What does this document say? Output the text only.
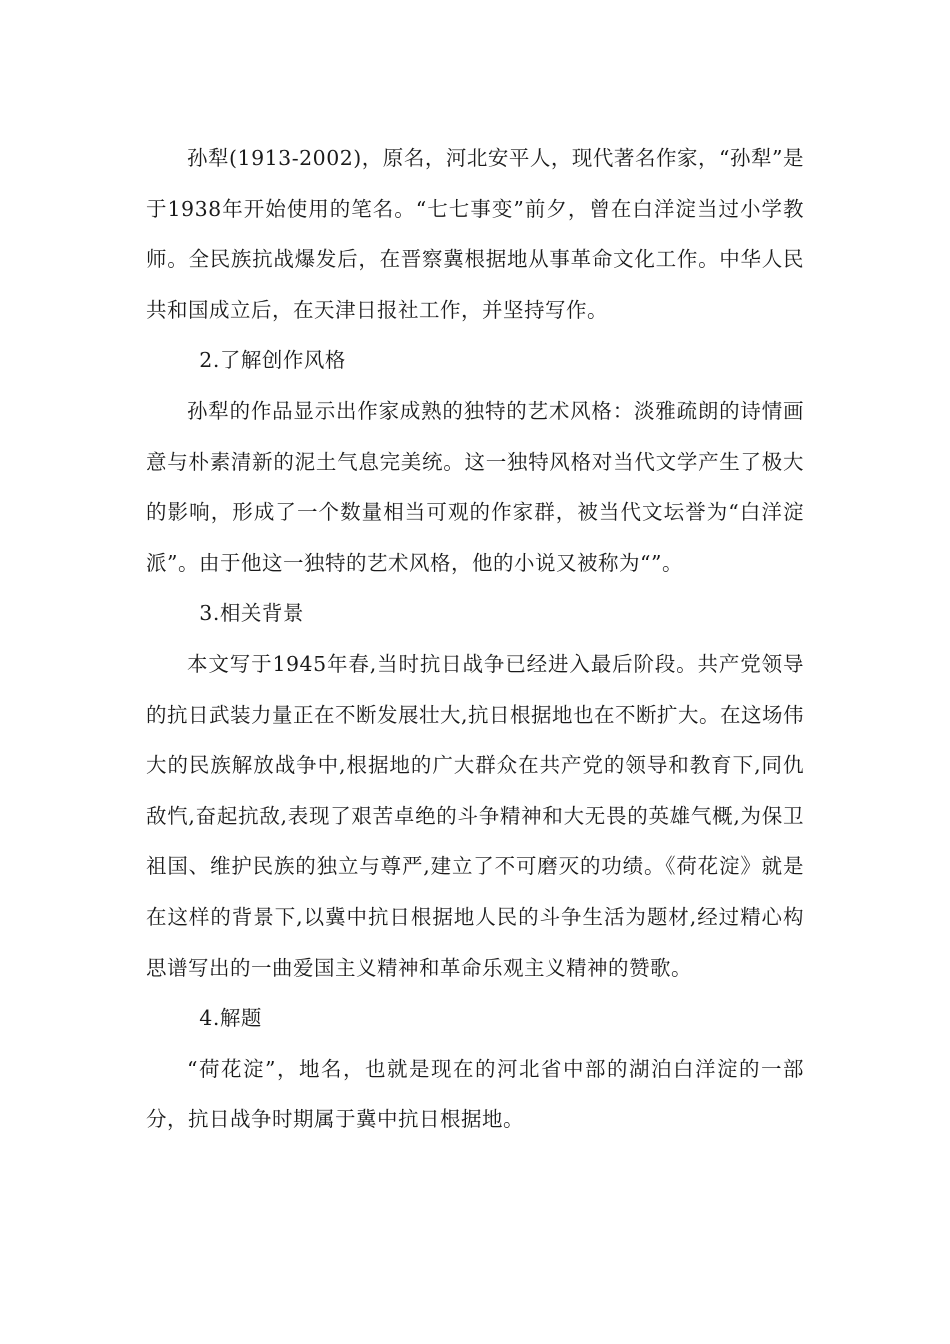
孙犁(1913-2002)，原名，河北安平人，现代著名作家，“孙犁”是于1938年开始使用的笔名。“七七事变”前夕，曾在白洋淀当过小学教师。全民族抗战爆发后，在晋察冀根据地从事革命文化工作。中华人民共和国成立后，在天津日报社工作，并坚持写作。

2.了解创作风格

孙犁的作品显示出作家成熟的独特的艺术风格：淡雅疏朗的诗情画意与朴素清新的泥土气息完美统。这一独特风格对当代文学产生了极大的影响，形成了一个数量相当可观的作家群，被当代文坛誉为“白洋淀派”。由于他这一独特的艺术风格，他的小说又被称为“”。

3.相关背景

本文写于1945年春,当时抗日战争已经进入最后阶段。共产党领导的抗日武装力量正在不断发展壮大,抗日根据地也在不断扩大。在这场伟大的民族解放战争中,根据地的广大群众在共产党的领导和教育下,同仇敌忾,奋起抗敌,表现了艰苦卓绝的斗争精神和大无畏的英雄气概,为保卫祖国、维护民族的独立与尊严,建立了不可磨灭的功绩。《荷花淀》就是在这样的背景下,以冀中抗日根据地人民的斗争生活为题材,经过精心构思谱写出的一曲爱国主义精神和革命乐观主义精神的赞歌。

4.解题

“荷花淀”，地名，也就是现在的河北省中部的湖泊白洋淀的一部分，抗日战争时期属于冀中抗日根据地。
